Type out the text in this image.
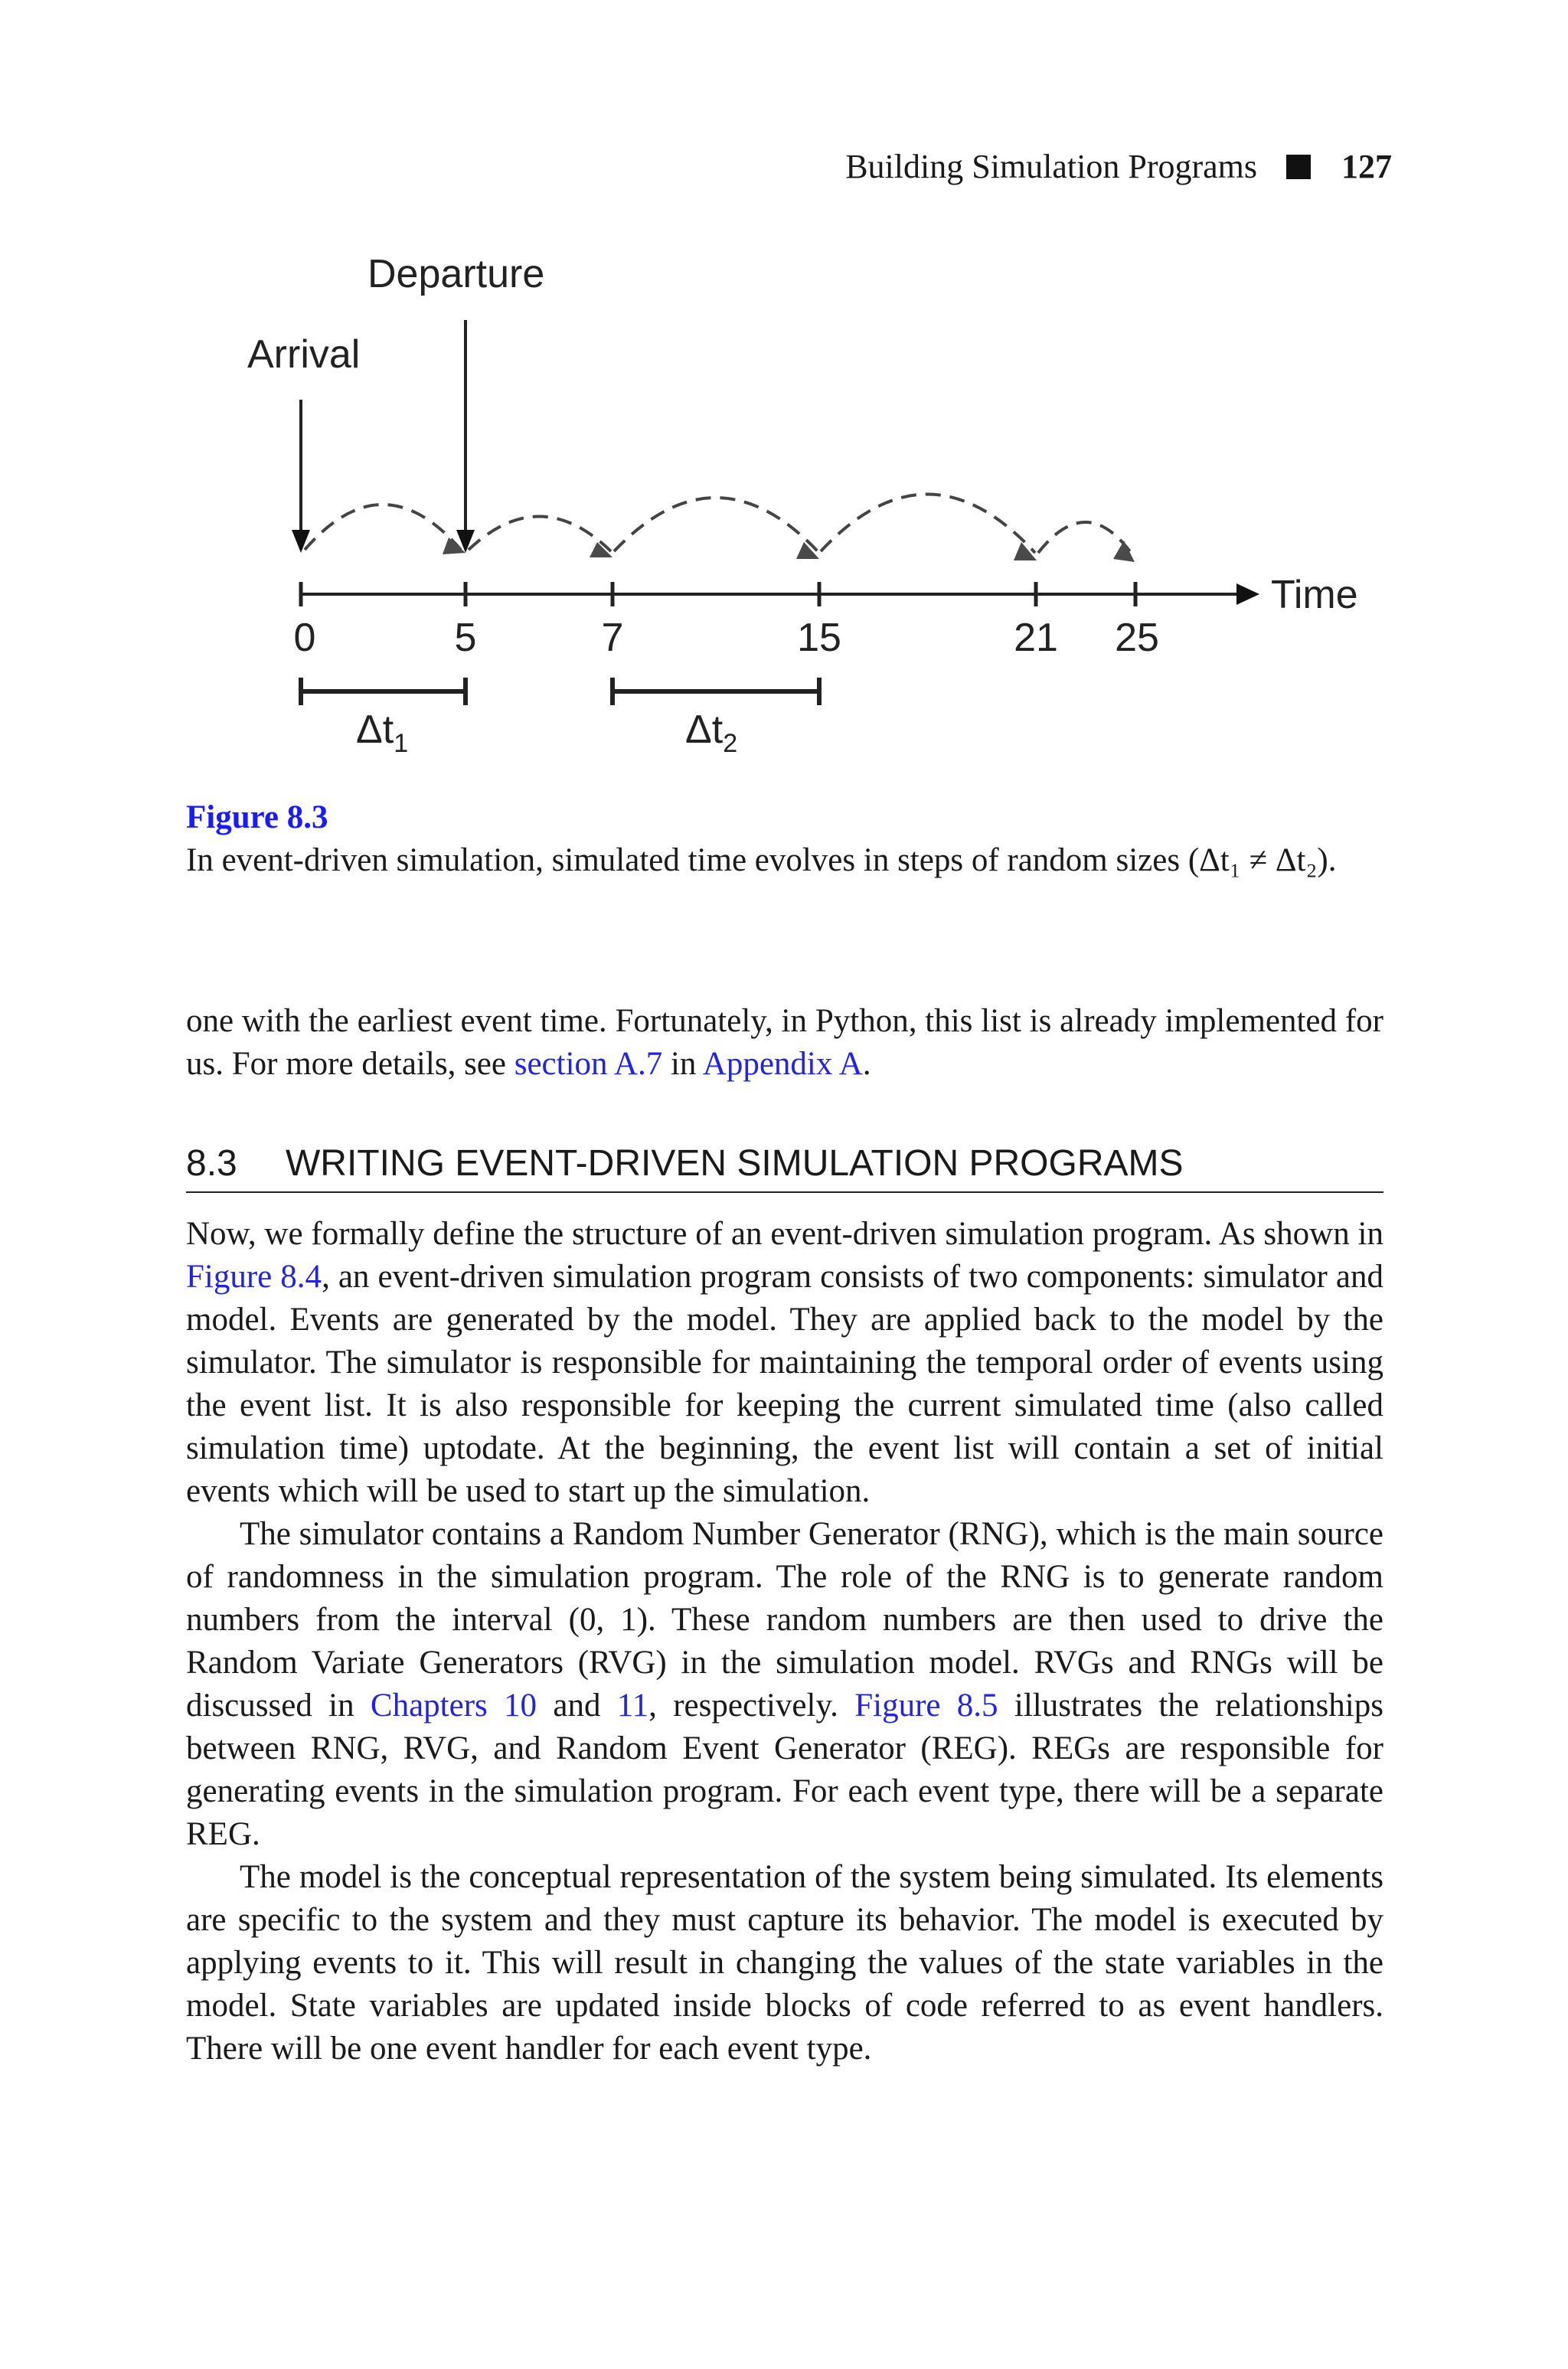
Building Simulation Programs	127
Departure
Arrival
Time
0	5	7	15	21 25
$\Delta t_1$	$\Delta t_2$
Figure 8.3
In event-driven simulation, simulated time evolves in steps of random sizes (Δt₁ ≠ Δt₂).

one with the earliest event time. Fortunately, in Python, this list is already implemented for us. For more details, see section A.7 in Appendix A.

8.3 WRITING EVENT-DRIVEN SIMULATION PROGRAMS

Now, we formally define the structure of an event-driven simulation program. As shown in Figure 8.4, an event-driven simulation program consists of two components: simulator and model. Events are generated by the model. They are applied back to the model by the simulator. The simulator is responsible for maintaining the temporal order of events using the event list. It is also responsible for keeping the current simulated time (also called simulation time) uptodate. At the beginning, the event list will contain a set of initial events which will be used to start up the simulation.

The simulator contains a Random Number Generator (RNG), which is the main source of randomness in the simulation program. The role of the RNG is to generate random numbers from the interval (0, 1). These random numbers are then used to drive the Random Variate Generators (RVG) in the simulation model. RVGs and RNGs will be discussed in Chapters 10 and 11, respectively. Figure 8.5 illustrates the relationships between RNG, RVG, and Random Event Generator (REG). REGs are responsible for generating events in the simulation program. For each event type, there will be a separate REG.

The model is the conceptual representation of the system being simulated. Its elements are specific to the system and they must capture its behavior. The model is executed by applying events to it. This will result in changing the values of the state variables in the model. State variables are updated inside blocks of code referred to as event handlers. There will be one event handler for each event type.
